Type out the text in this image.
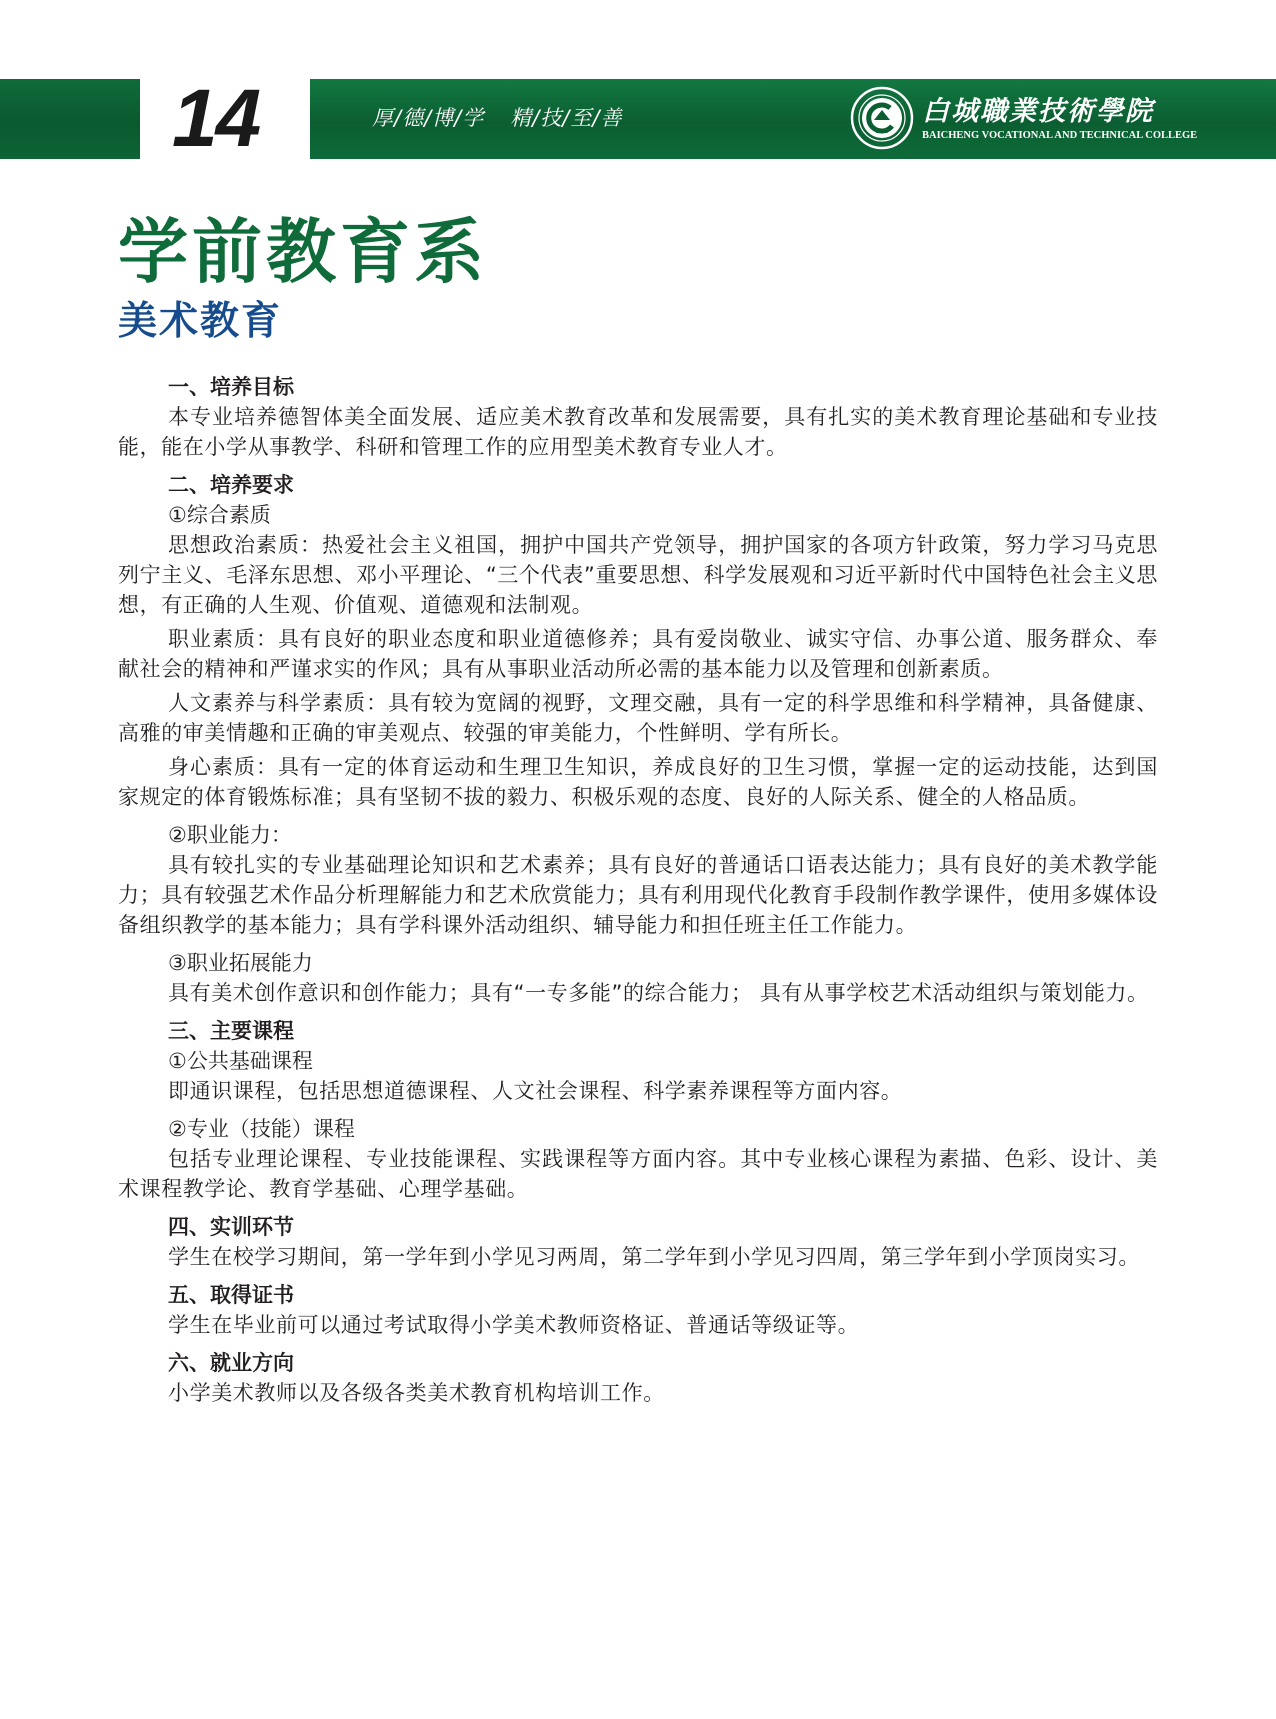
14	厚/德/博/学 精/技/至/善
1958
白城職業技術學院
BAICHENG VOCATIONAL AND TECHNICAL COLLEGE
学前教育系
美术教育
一、培养目标

本专业培养德智体美全面发展、适应美术教育改革和发展需要，具有扎实的美术教育理论基础和专业技能，能在小学从事教学、科研和管理工作的应用型美术教育专业人才。

二、培养要求
①综合素质

思想政治素质：热爱社会主义祖国，拥护中国共产党领导，拥护国家的各项方针政策，努力学习马克思列宁主义、毛泽东思想、邓小平理论、“三个代表”重要思想、科学发展观和习近平新时代中国特色社会主义思想，有正确的人生观、价值观、道德观和法制观。

职业素质：具有良好的职业态度和职业道德修养；具有爱岗敬业、诚实守信、办事公道、服务群众、奉献社会的精神和严谨求实的作风；具有从事职业活动所必需的基本能力以及管理和创新素质。

人文素养与科学素质：具有较为宽阔的视野，文理交融，具有一定的科学思维和科学精神，具备健康、高雅的审美情趣和正确的审美观点、较强的审美能力，个性鲜明、学有所长。

身心素质：具有一定的体育运动和生理卫生知识，养成良好的卫生习惯，掌握一定的运动技能，达到国家规定的体育锻炼标准；具有坚韧不拔的毅力、积极乐观的态度、良好的人际关系、健全的人格品质。

②职业能力：

具有较扎实的专业基础理论知识和艺术素养；具有良好的普通话口语表达能力；具有良好的美术教学能力；具有较强艺术作品分析理解能力和艺术欣赏能力；具有利用现代化教育手段制作教学课件，使用多媒体设备组织教学的基本能力；具有学科课外活动组织、辅导能力和担任班主任工作能力。

③职业拓展能力

具有美术创作意识和创作能力；具有“一专多能”的综合能力； 具有从事学校艺术活动组织与策划能力。

三、主要课程
①公共基础课程

即通识课程，包括思想道德课程、人文社会课程、科学素养课程等方面内容。

②专业（技能）课程

包括专业理论课程、专业技能课程、实践课程等方面内容。其中专业核心课程为素描、色彩、设计、美术课程教学论、教育学基础、心理学基础。

四、实训环节

学生在校学习期间，第一学年到小学见习两周，第二学年到小学见习四周，第三学年到小学顶岗实习。

五、取得证书

学生在毕业前可以通过考试取得小学美术教师资格证、普通话等级证等。

六、就业方向

小学美术教师以及各级各类美术教育机构培训工作。
